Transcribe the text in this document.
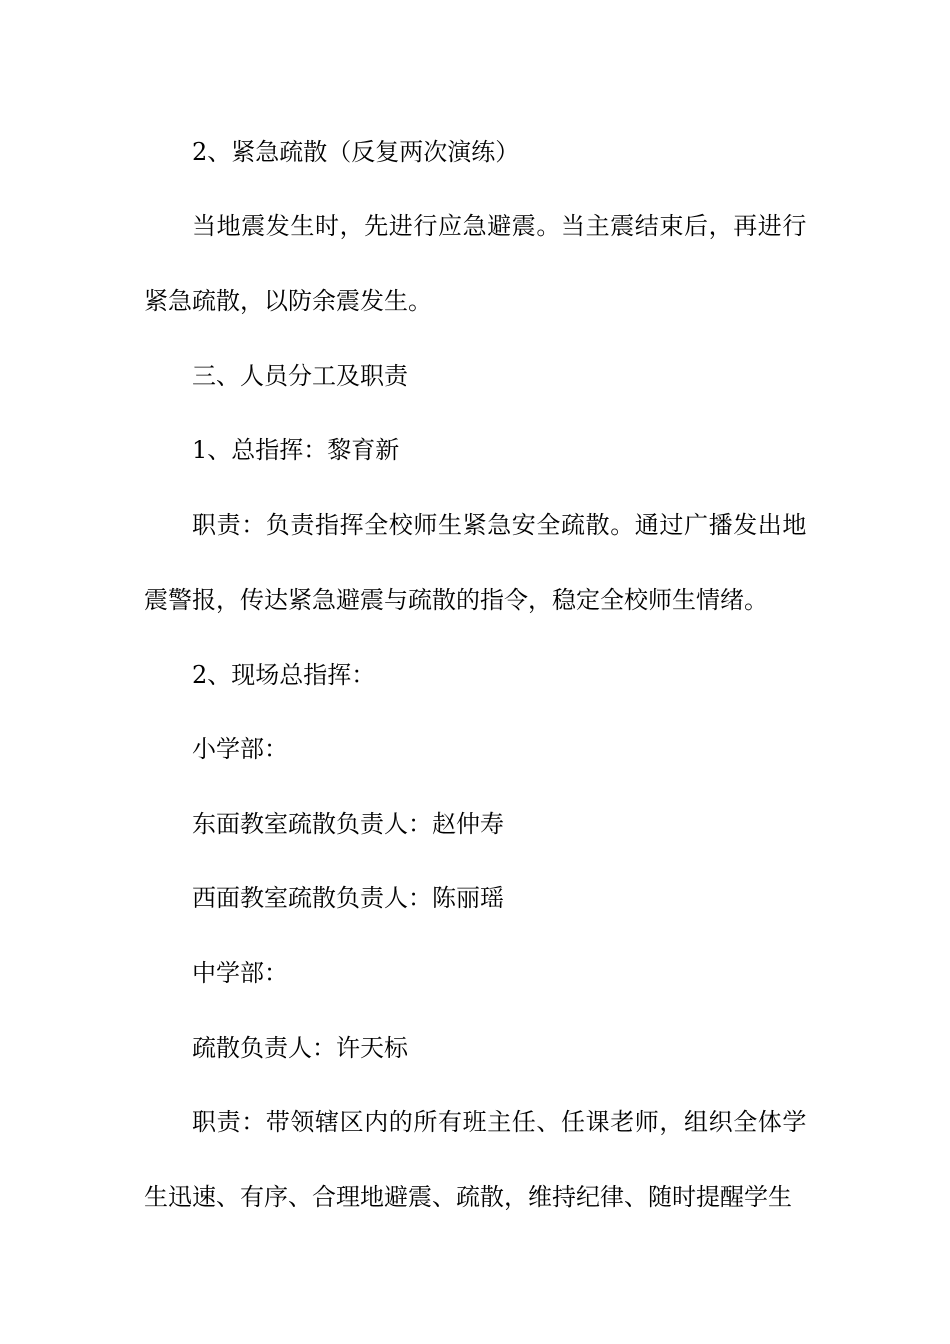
2、紧急疏散（反复两次演练）
当地震发生时，先进行应急避震。当主震结束后，再进行
紧急疏散，以防余震发生。
三、人员分工及职责
1、总指挥：黎育新
职责：负责指挥全校师生紧急安全疏散。通过广播发出地
震警报，传达紧急避震与疏散的指令，稳定全校师生情绪。
2、现场总指挥：
小学部：
东面教室疏散负责人：赵仲寿
西面教室疏散负责人：陈丽瑶
中学部：
疏散负责人：许天标
职责：带领辖区内的所有班主任、任课老师，组织全体学
生迅速、有序、合理地避震、疏散，维持纪律、随时提醒学生
